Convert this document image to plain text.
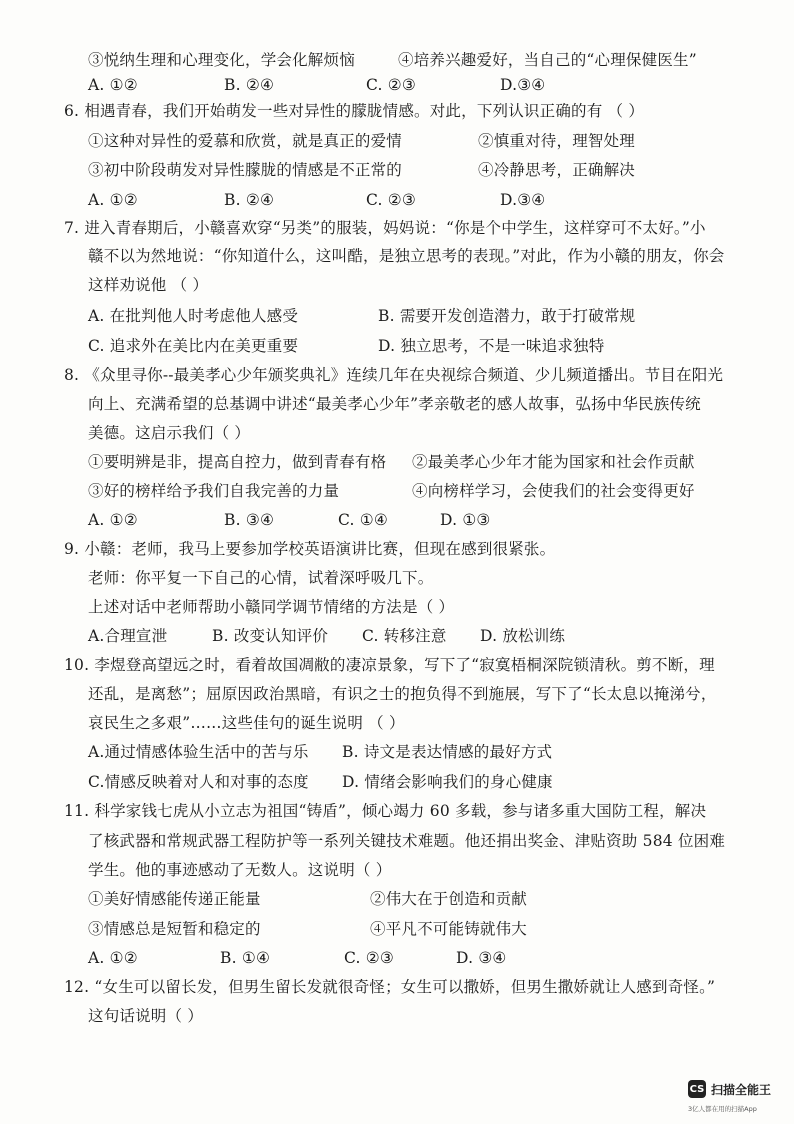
③悦纳生理和心理变化，学会化解烦恼	④培养兴趣爱好，当自己的“心理保健医生”
A. ①②	B. ②④	C. ②③	D.③④
6. 相遇青春，我们开始萌发一些对异性的朦胧情感。对此，下列认识正确的有 （ ）
①这种对异性的爱慕和欣赏，就是真正的爱情	②慎重对待，理智处理
③初中阶段萌发对异性朦胧的情感是不正常的	④冷静思考，正确解决
A. ①②	B. ②④	C. ②③	D.③④
7. 进入青春期后，小赣喜欢穿“另类”的服装，妈妈说：“你是个中学生，这样穿可不太好。”小
赣不以为然地说：“你知道什么，这叫酷，是独立思考的表现。”对此，作为小赣的朋友，你会
这样劝说他 （ ）
A. 在批判他人时考虑他人感受	B. 需要开发创造潜力，敢于打破常规
C. 追求外在美比内在美更重要	D. 独立思考，不是一味追求独特
8. 《众里寻你--最美孝心少年颁奖典礼》连续几年在央视综合频道、少儿频道播出。节目在阳光
向上、充满希望的总基调中讲述“最美孝心少年”孝亲敬老的感人故事，弘扬中华民族传统
美德。这启示我们（ ）
①要明辨是非，提高自控力，做到青春有格 ②最美孝心少年才能为国家和社会作贡献
③好的榜样给予我们自我完善的力量	④向榜样学习，会使我们的社会变得更好
A. ①②	B. ③④	C. ①④	D. ①③
9. 小赣：老师，我马上要参加学校英语演讲比赛，但现在感到很紧张。
老师：你平复一下自己的心情，试着深呼吸几下。
上述对话中老师帮助小赣同学调节情绪的方法是（ ）
A.合理宣泄	B. 改变认知评价 C. 转移注意 D. 放松训练
10. 李煜登高望远之时，看着故国凋敝的凄凉景象，写下了“寂寞梧桐深院锁清秋。剪不断，理
还乱，是离愁”；屈原因政治黑暗，有识之士的抱负得不到施展，写下了“长太息以掩涕兮，
哀民生之多艰”……这些佳句的诞生说明 （ ）
A.通过情感体验生活中的苦与乐 B. 诗文是表达情感的最好方式
C.情感反映着对人和对事的态度 D. 情绪会影响我们的身心健康
11. 科学家钱七虎从小立志为祖国“铸盾”，倾心竭力 60 多载，参与诸多重大国防工程，解决
了核武器和常规武器工程防护等一系列关键技术难题。他还捐出奖金、津贴资助 584 位困难
学生。他的事迹感动了无数人。这说明（ ）
①美好情感能传递正能量	②伟大在于创造和贡献
③情感总是短暂和稳定的	④平凡不可能铸就伟大
A. ①②	B. ①④	C. ②③	D. ③④
12. “女生可以留长发，但男生留长发就很奇怪；女生可以撒娇，但男生撒娇就让人感到奇怪。”
这句话说明（ ）
CS 扫描全能王
3亿人都在用的扫描App
